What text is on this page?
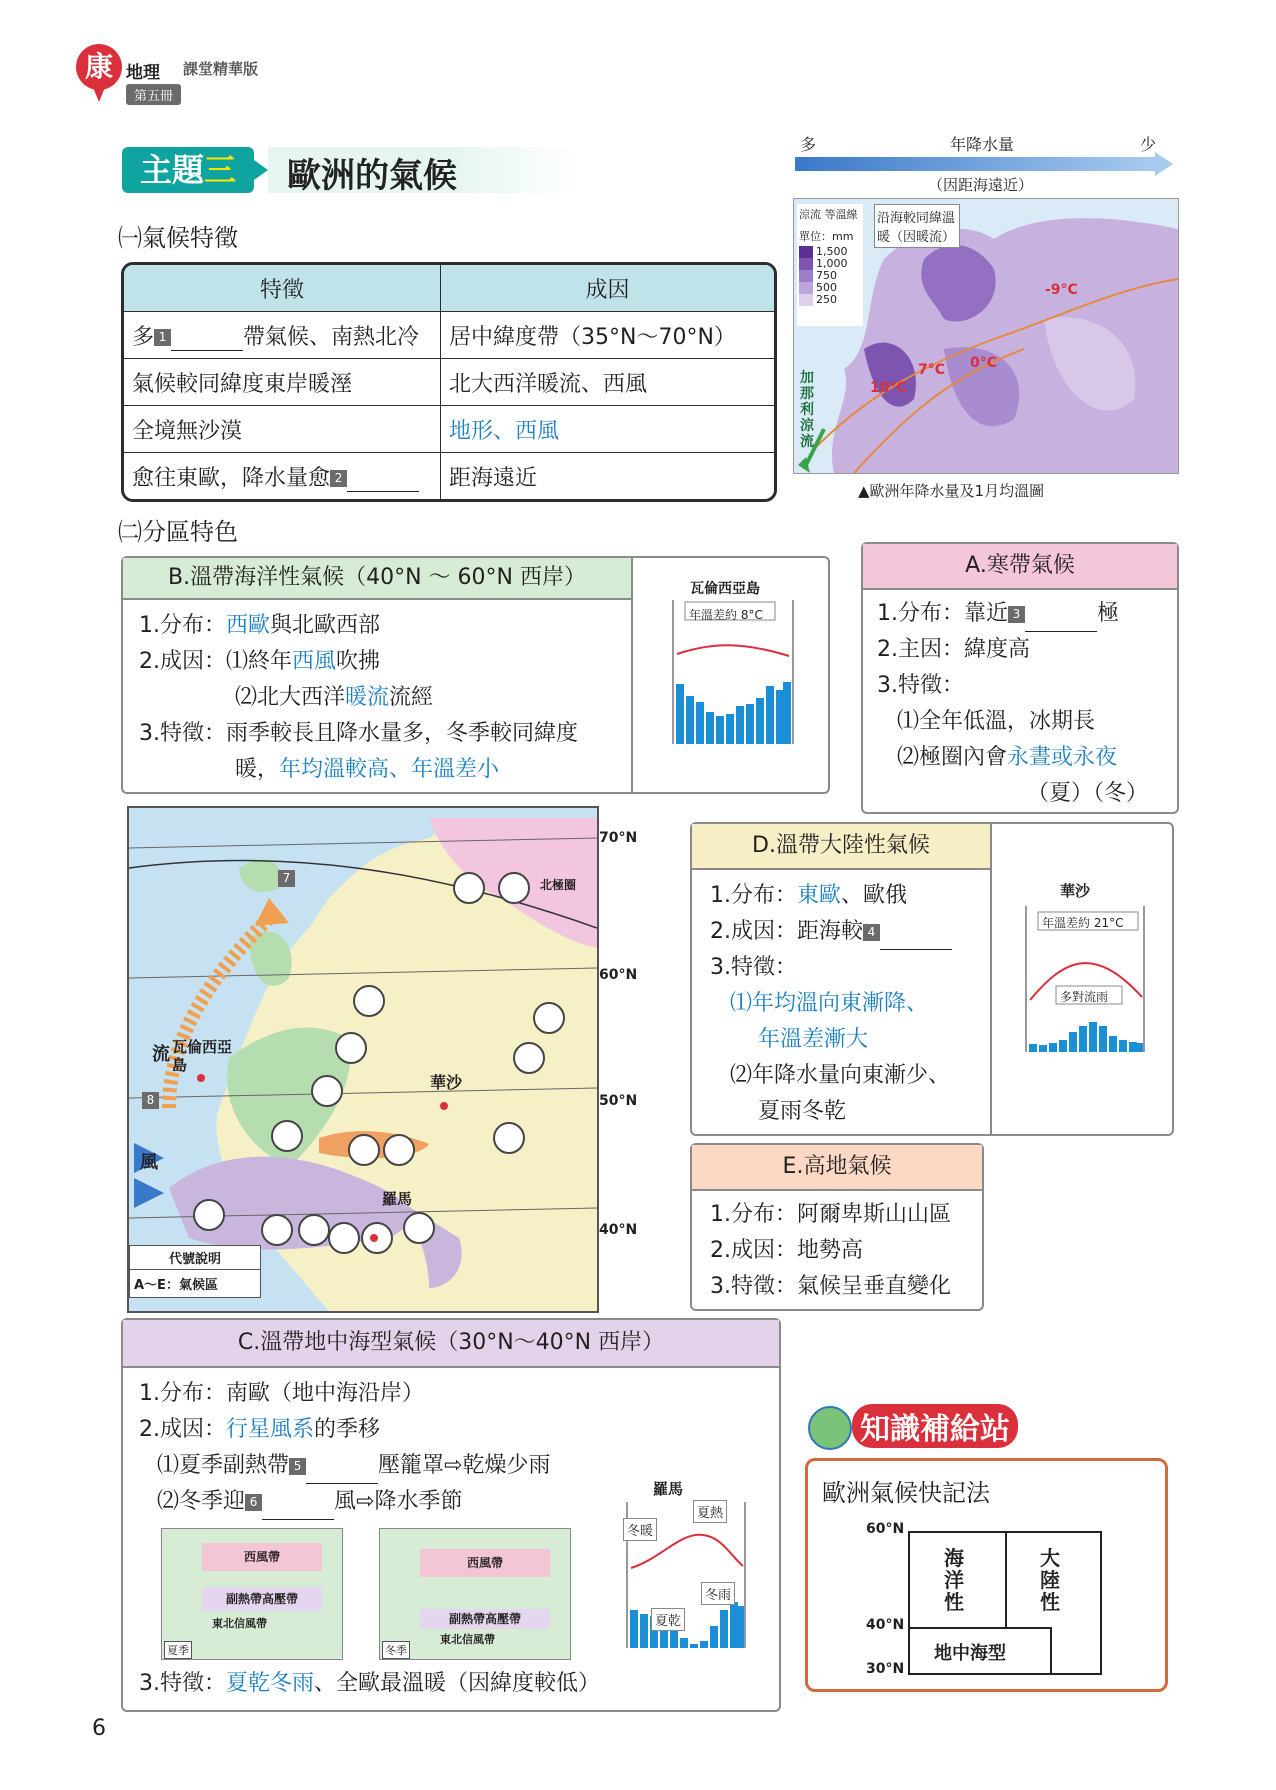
康 地理 課堂精華版
第五冊
主題三	歐洲的氣候
㈠氣候特徵
特徵	成因
多 1 帶氣候、南熱北冷	居中緯度帶（35°N～70°N）
氣候較同緯度東岸暖溼	北大西洋暖流、西風
全境無沙漠	地形、西風
愈往東歐，降水量愈 2	距海遠近
多	年降水量	少
（因距海遠近）
涼流 等溫線
單位：mm
1,500
1,000
750
500
250
沿海較同緯溫暖（因暖流）
-9°C
7°C 0°C
10°C
加那利涼流
▲歐洲年降水量及1月均溫圖
㈡分區特色
B.溫帶海洋性氣候（40°N ～ 60°N 西岸）
1.分布：西歐與北歐西部
2.成因：⑴終年西風吹拂
⑵北大西洋暖流流經
3.特徵：雨季較長且降水量多，冬季較同緯度
暖，年均溫較高、年溫差小
瓦倫西亞島
年溫差約 8°C
A.寒帶氣候
1.分布：靠近 3	極
2.主因：緯度高
3.特徵：
⑴全年低溫，冰期長
⑵極圈內會永晝或永夜
（夏）（冬）
70°N
60°N
50°N
40°N
華沙
羅馬
瓦倫西亞島
北極圈
流
風
7
8
代號說明
A～E：氣候區
D.溫帶大陸性氣候
1.分布：東歐、歐俄
2.成因：距海較 4
3.特徵：
⑴年均溫向東漸降、
年溫差漸大
⑵年降水量向東漸少、
夏雨冬乾
華沙
年溫差約 21°C
多對流雨
E.高地氣候
1.分布：阿爾卑斯山山區
2.成因：地勢高
3.特徵：氣候呈垂直變化
C.溫帶地中海型氣候（30°N～40°N 西岸）
1.分布：南歐（地中海沿岸）
2.成因：行星風系的季移
⑴夏季副熱帶 5	壓籠罩⇨乾燥少雨
⑵冬季迎 6	風⇨降水季節
西風帶
副熱帶高壓帶
東北信風帶
夏季
西風帶
副熱帶高壓帶
東北信風帶
冬季
羅馬
冬暖
夏熱
冬雨
夏乾
3.特徵：夏乾冬雨、全歐最溫暖（因緯度較低）
知識補給站
歐洲氣候快記法
60°N
40°N
30°N
海洋性
大陸性
地中海型
6
